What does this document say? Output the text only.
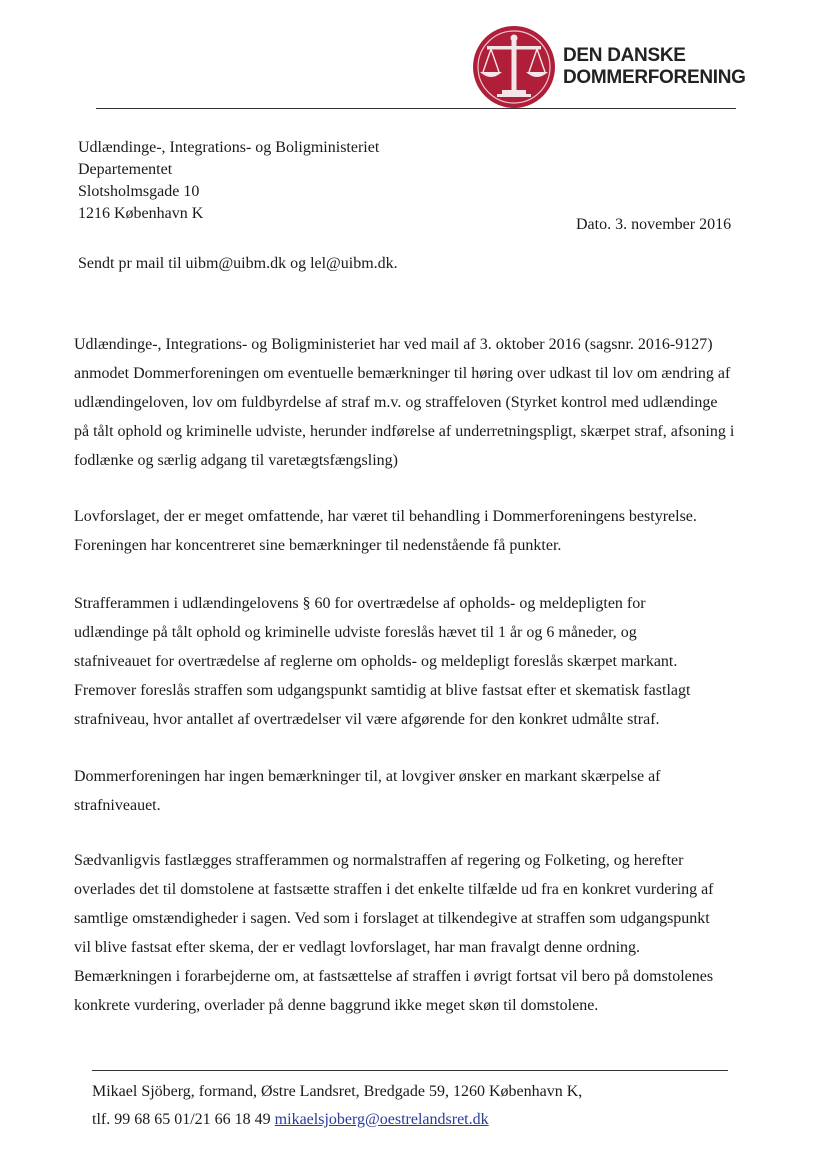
DEN DANSKE
DOMMERFORENING
Udlændinge-, Integrations- og Boligministeriet
Departementet
Slotsholmsgade 10
1216 København K
Dato. 3. november 2016
Sendt pr mail til uibm@uibm.dk og lel@uibm.dk.
Udlændinge-, Integrations- og Boligministeriet har ved mail af 3. oktober 2016 (sagsnr. 2016-9127)
anmodet Dommerforeningen om eventuelle bemærkninger til høring over udkast til lov om ændring af
udlændingeloven, lov om fuldbyrdelse af straf m.v. og straffeloven (Styrket kontrol med udlændinge
på tålt ophold og kriminelle udviste, herunder indførelse af underretningspligt, skærpet straf, afsoning i
fodlænke og særlig adgang til varetægtsfængsling)
Lovforslaget, der er meget omfattende, har været til behandling i Dommerforeningens bestyrelse.
Foreningen har koncentreret sine bemærkninger til nedenstående få punkter.
Strafferammen i udlændingelovens § 60 for overtrædelse af opholds- og meldepligten for
udlændinge på tålt ophold og kriminelle udviste foreslås hævet til 1 år og 6 måneder, og
stafniveauet for overtrædelse af reglerne om opholds- og meldepligt foreslås skærpet markant.
Fremover foreslås straffen som udgangspunkt samtidig at blive fastsat efter et skematisk fastlagt
strafniveau, hvor antallet af overtrædelser vil være afgørende for den konkret udmålte straf.
Dommerforeningen har ingen bemærkninger til, at lovgiver ønsker en markant skærpelse af
strafniveauet.
Sædvanligvis fastlægges strafferammen og normalstraffen af regering og Folketing, og herefter
overlades det til domstolene at fastsætte straffen i det enkelte tilfælde ud fra en konkret vurdering af
samtlige omstændigheder i sagen. Ved som i forslaget at tilkendegive at straffen som udgangspunkt
vil blive fastsat efter skema, der er vedlagt lovforslaget, har man fravalgt denne ordning.
Bemærkningen i forarbejderne om, at fastsættelse af straffen i øvrigt fortsat vil bero på domstolenes
konkrete vurdering, overlader på denne baggrund ikke meget skøn til domstolene.
Mikael Sjöberg, formand, Østre Landsret, Bredgade 59, 1260 København K,
tlf. 99 68 65 01/21 66 18 49 mikaelsjoberg@oestrelandsret.dk
